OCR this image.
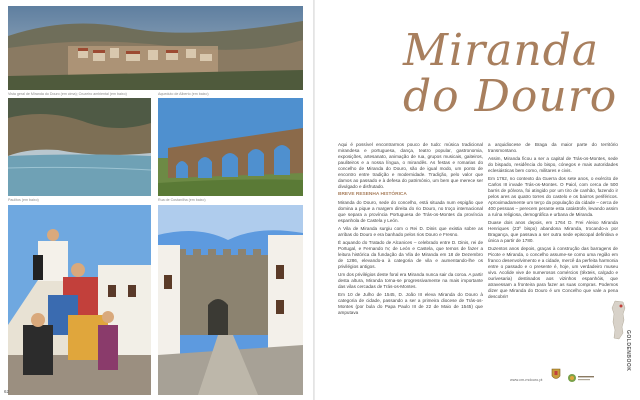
Vista geral de Miranda do Douro (em cima); Cruzeiro ambiental (em baixo)	Aqueduto de Alberto (em baixo)
Paulitos (em baixo)	Rua de Costanilha (em baixo)
62
Miranda
do Douro

Aqui é possível encontrarmos pouco de tudo: música tradicional mirandesa e portuguesa, dança, teatro popular, gastronomia, exposições, artesanato, animação de rua, grupos musicais, gaiteiros, pauliteiros e a nossa língua, o mirandês. As festas e romarias do concelho de Miranda do Douro, são de igual modo, um ponto de encontro entre tradição e modernidade. Tradição, pelo valor que damos ao passado e à defesa do património, um bem que merece ser divulgado e disfrutado.

BREVE RESENHA HISTÓRICA

Miranda do Douro, sede do concelho, está situada num espigão que domina a pique a margem direita do rio Douro, no troço internacional que separa a província Portuguesa de Trás-os-Montes da província espanhola de Castela y León.

A Vila de Miranda surgiu com o Rei D. Dinis que existia sobre as arribas do Douro e era banhado pelos rios Douro e Fresno.

É aquando do Tratado de Alcanices – celebrado entre D. Dinis, rei de Portugal, e Fernando IV, de León e Castela, que temos de fazer a leitura histórica da fundação da Vila de Miranda em 18 de Dezembro de 1286, elevando-a à categoria de vila e aumentando-lhe os privilégios antigos.

Um dos privilégios deste foral era Miranda nunca sair da coroa. A partir desta altura, Miranda torna-se progressivamente na mais importante das vilas cercadas de Trás-os-Montes.

Em 10 de Julho de 1545, D. João III eleva Miranda do Douro à categoria de cidade, passando a ser a primeira diocese de Trás-os-Montes (por bula do Papa Paulo III de 22 de Maio de 1545) que amputava

a arquidiocese de Braga da maior parte do território transmontano.

Assim, Miranda ficou a ser a capital de Trás-os-Montes, sede do bispado, residência do bispo, cónegos e mais autoridades eclesiásticas bem como, militares e civis.

Em 1762, no contexto da Guerra dos sete anos, o exército de Carlos III invade Trás-os-Montes. O Paiol, com cerca de 500 barris de pólvora, foi atingido por um tiro de canhão, fazendo ir pelos ares as quatro torres do castelo e os bairros periféricos. Aproximadamente um terço da população da cidade – cerca de 400 pessoas – perecem perante esta catástrofe, levando assim a ruína religiosa, demográfica e urbana de Miranda.

Duase dois anos depois, em 1764 D. Frei Aleixo Miranda Henriques (23º bispo) abandona Miranda, trocando-a por Bragança, que passava a ser outra sede episcopal definitiva e única a partir de 1780.

Duzentos anos depois, graças à construção das barragens de Picote e Miranda, o concelho assume-se como uma região em franco desenvolvimento e a cidade, mercê da perfeita harmonia entre o passado e o presente é, hoje, um verdadeiro museu vivo. Acolide vive de numerosos comércios (têxteis, calçado e ourivesaria) destinados aos vizinhos espanhóis, que atravessam a fronteira para fazer as suas compras. Podemos dizer que Miranda do Douro é um Concelho que vale a pena descobrir!

www.cm-mdouro.pt
GOLDENBOOK
